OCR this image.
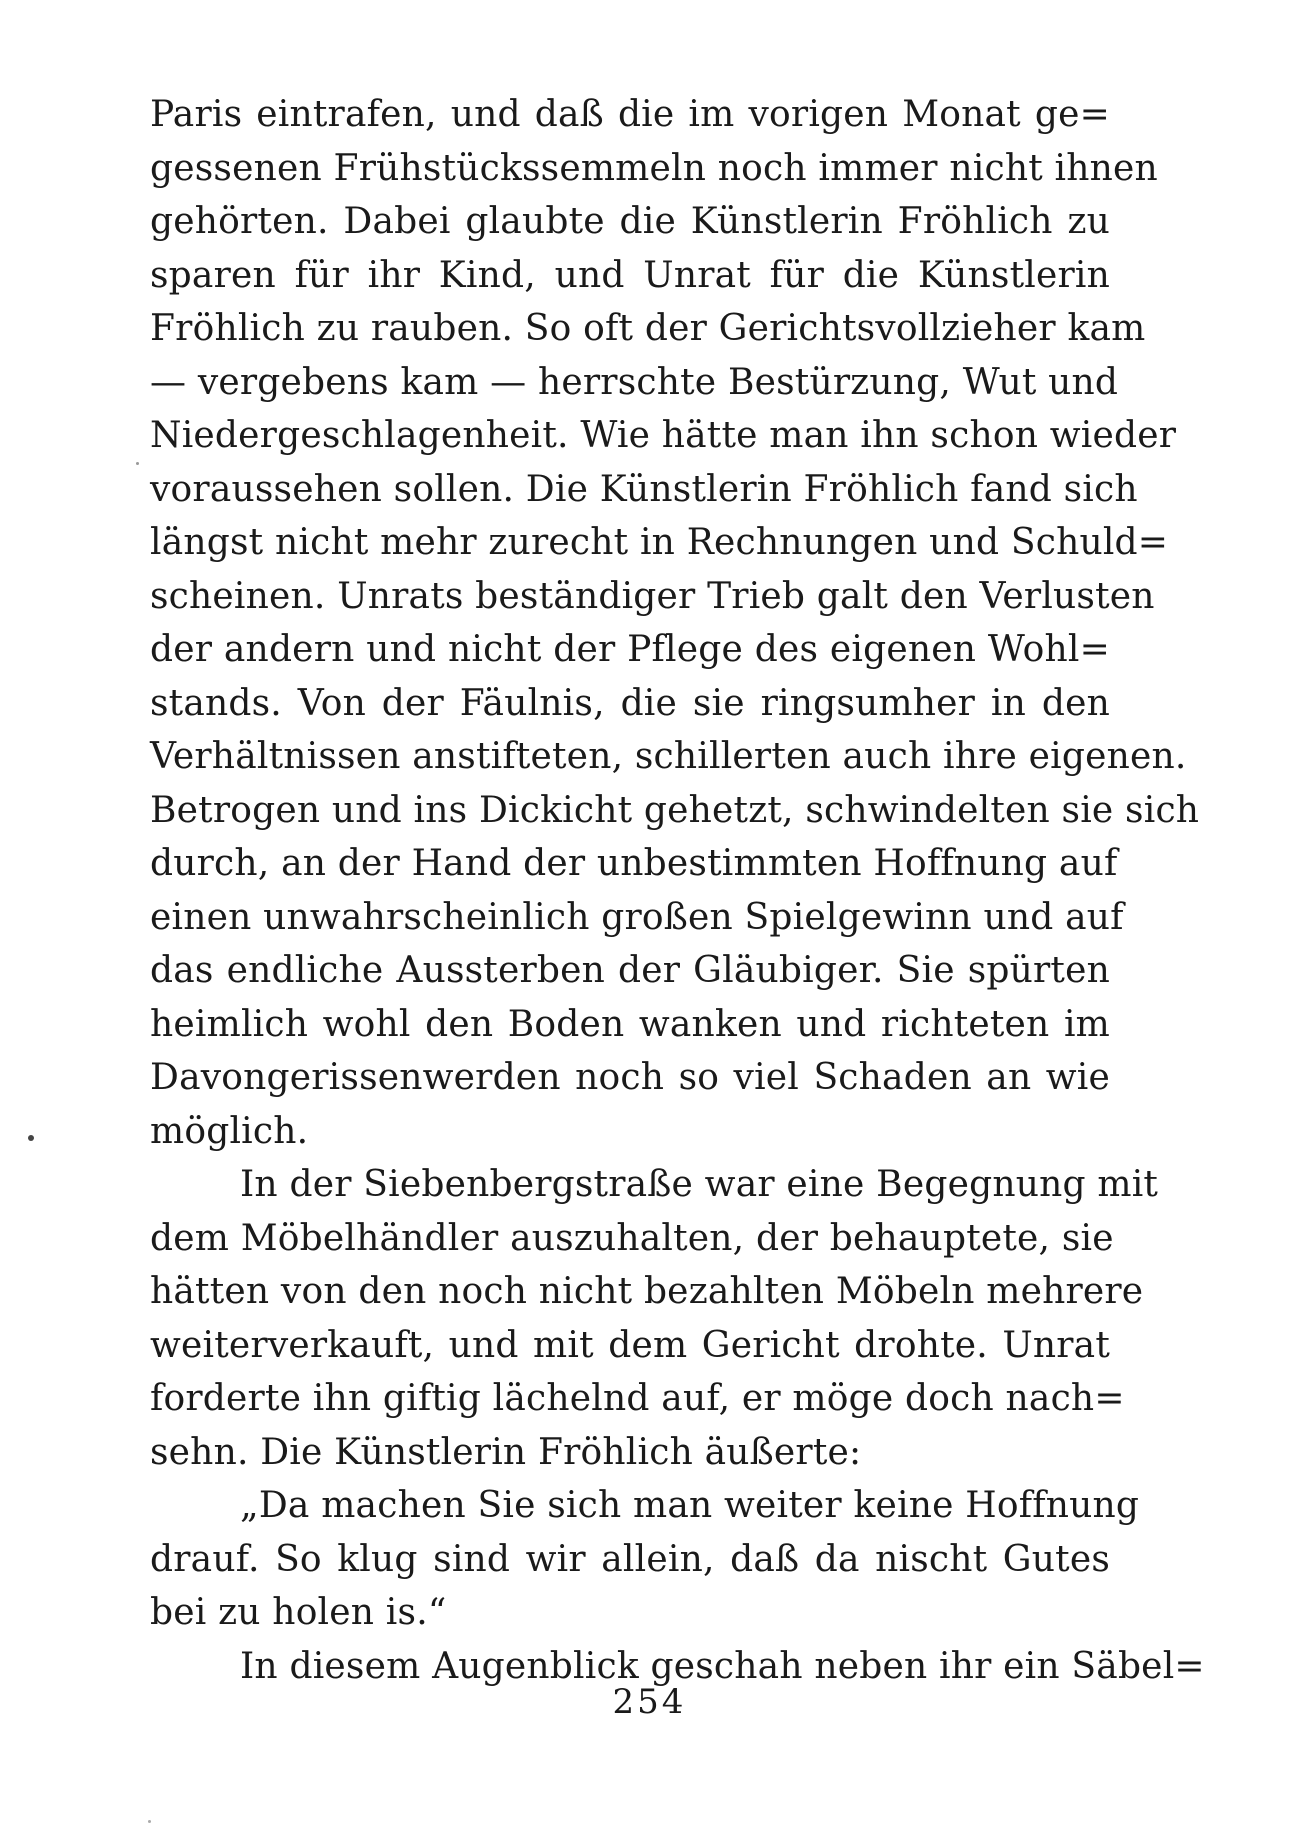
Paris eintrafen, und daß die im vorigen Monat ge=
gessenen Frühstückssemmeln noch immer nicht ihnen
gehörten. Dabei glaubte die Künstlerin Fröhlich zu
sparen für ihr Kind, und Unrat für die Künstlerin
Fröhlich zu rauben. So oft der Gerichtsvollzieher kam
— vergebens kam — herrschte Bestürzung, Wut und
Niedergeschlagenheit. Wie hätte man ihn schon wieder
voraussehen sollen. Die Künstlerin Fröhlich fand sich
längst nicht mehr zurecht in Rechnungen und Schuld=
scheinen. Unrats beständiger Trieb galt den Verlusten
der andern und nicht der Pflege des eigenen Wohl=
stands. Von der Fäulnis, die sie ringsumher in den
Verhältnissen anstifteten, schillerten auch ihre eigenen.
Betrogen und ins Dickicht gehetzt, schwindelten sie sich
durch, an der Hand der unbestimmten Hoffnung auf
einen unwahrscheinlich großen Spielgewinn und auf
das endliche Aussterben der Gläubiger. Sie spürten
heimlich wohl den Boden wanken und richteten im
Davongerissenwerden noch so viel Schaden an wie
möglich.
In der Siebenbergstraße war eine Begegnung mit
dem Möbelhändler auszuhalten, der behauptete, sie
hätten von den noch nicht bezahlten Möbeln mehrere
weiterverkauft, und mit dem Gericht drohte. Unrat
forderte ihn giftig lächelnd auf, er möge doch nach=
sehn. Die Künstlerin Fröhlich äußerte:
„Da machen Sie sich man weiter keine Hoffnung
drauf. So klug sind wir allein, daß da nischt Gutes
bei zu holen is.“
In diesem Augenblick geschah neben ihr ein Säbel=
254
